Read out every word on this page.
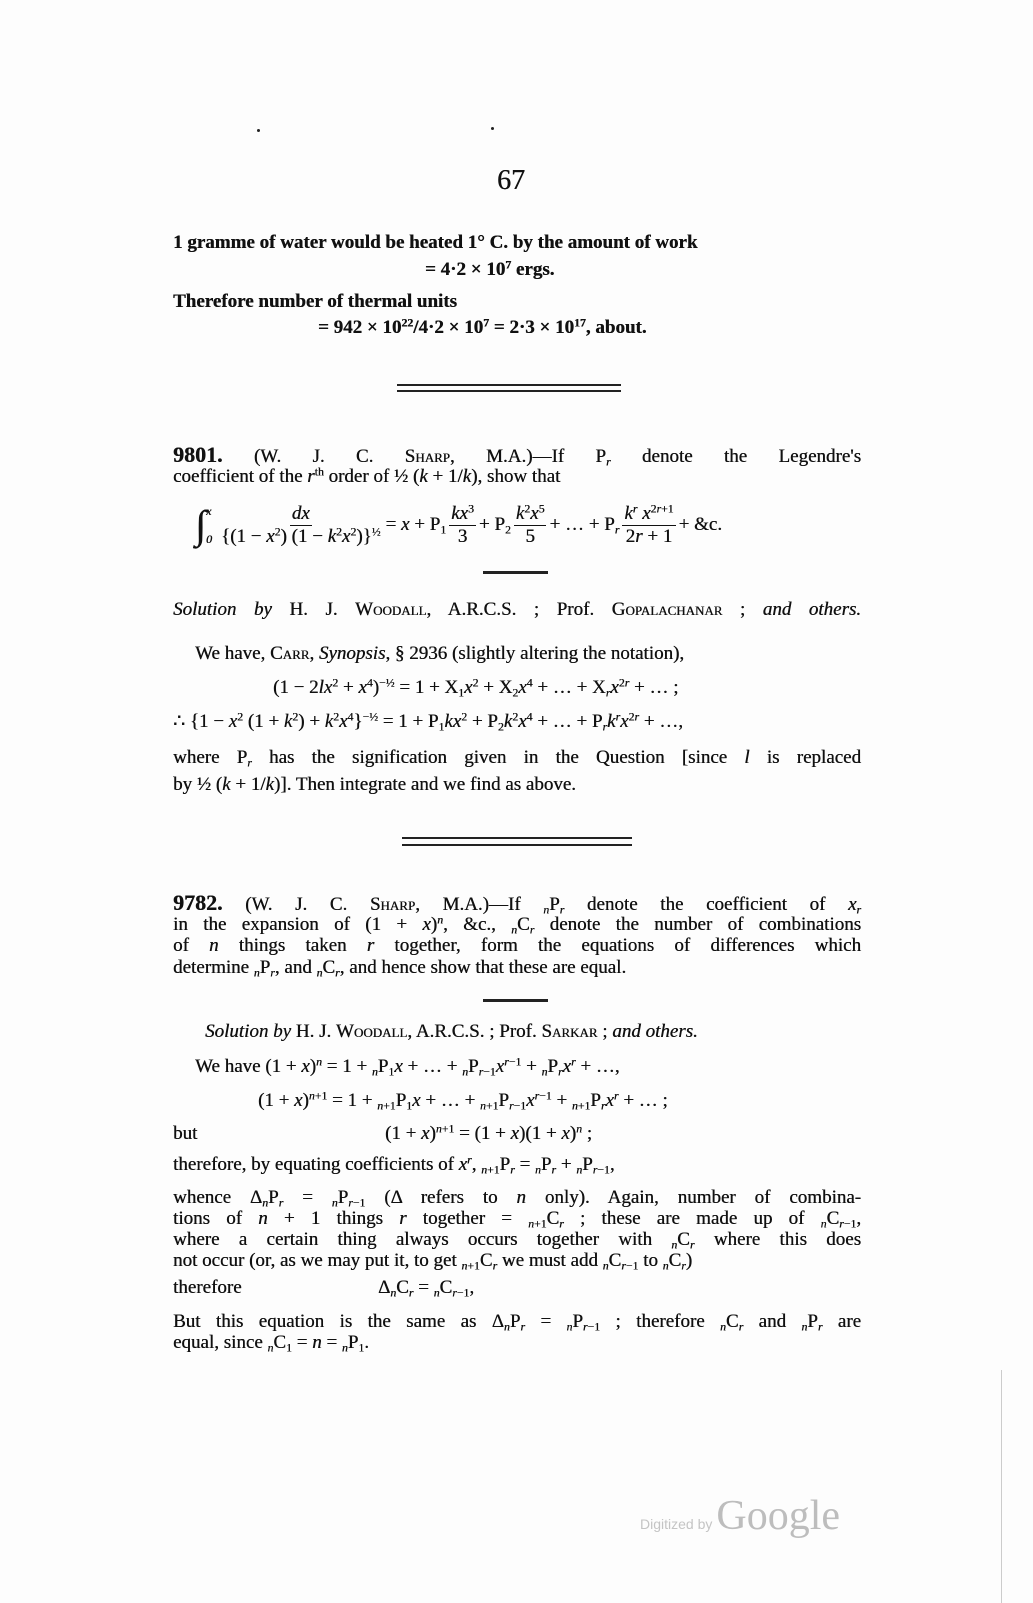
67
1 gramme of water would be heated 1° C. by the amount of work
= $4\cdot 2 \times 10^7$ ergs.
Therefore number of thermal units
= $942 \times 10^{22}/4\cdot 2 \times 10^7 = 2\cdot 3 \times 10^{17}$, about.
9801. (W. J. C. Sharp, M.A.)—If $P_r$ denote the Legendre's
coefficient of the $r^{th}$ order of ½ (k + 1/k), show that
∫ x
$0 \frac{dx}{\{(1 - x^2) (1 - k^2x^2)\}^{\frac{1}{2}}} = x + P_1 \frac{kx^3}{3} + P_2 \frac{k^2x^5}{5}$ + … + $P_r \frac{k^r x^{2r+1}}{2r + 1}$ + &c.
Solution by H. J. Woodall, A.R.C.S. ; Prof. Gopalachanar ; and others.
We have, Carr, Synopsis, § 2936 (slightly altering the notation),
$(1 - 2lx^2 + x^4)^{-\frac{1}{2}} = 1 + X_1x^2 + X_2x^4$ + … + $X_rx^{2r}$ + … ;
∴ {$1 - x^2$ $(1 + k^2) + k^2x^4\}^{-\frac{1}{2}} = 1 + P_1kx^2 + P_2k^2x^4$ + … + $P_rk^rx^{2r}$ + …,
where $P_r$ has the signification given in the Question [since l is replaced
by ½ (k + 1/k)]. Then integrate and we find as above.
9782. (W. J. C. Sharp, M.A.)—If $_nP_r$ denote the coefficient of $x_r$
in the expansion of $(1 + x)^n$, &c., $_nC_r$ denote the number of combinations
of n things taken r together, form the equations of differences which
determine $_nP_r$, and $_nC_r$, and hence show that these are equal.
Solution by H. J. Woodall, A.R.C.S. ; Prof. Sarkar ; and others.
We have $(1 + x)^n = 1 + _nP_1x$ + … + $_nP_{r-1}x^{r-1} + _nP_rx^r$ + …,
$(1 + x)^{n+1} = 1 + _{n+1}P_1x$ + … + $_{n+1}P_{r-1}x^{r-1} + _{n+1}P_rx^r$ + … ;
but	$(1 + x)^{n+1} = (1 + x)(1 + x)^n$ ;
therefore, by equating coefficients of $x^r$, $_{n+1}P_r = _nP_r + _nP_{r-1}$,
whence $\Delta_nP_r = _nP_{r-1}$ (Δ refers to n only). Again, number of combina-
tions of n + 1 things r together = $_{n+1}C_r$ ; these are made up of $_nC_{r-1}$,
where a certain thing always occurs together with $_nC_r$ where this does
not occur (or, as we may put it, to get $_{n+1}C_r$ we must add $_nC_{r-1}$ to $_nC_r$)
therefore	$\Delta_nC_r = _nC_{r-1}$,
But this equation is the same as $\Delta_nP_r = _nP_{r-1}$ ; therefore $_nC_r$ and $_nP_r$ are
equal, since $_nC_1 = n = _nP_1$.
Digitized byGoogle
